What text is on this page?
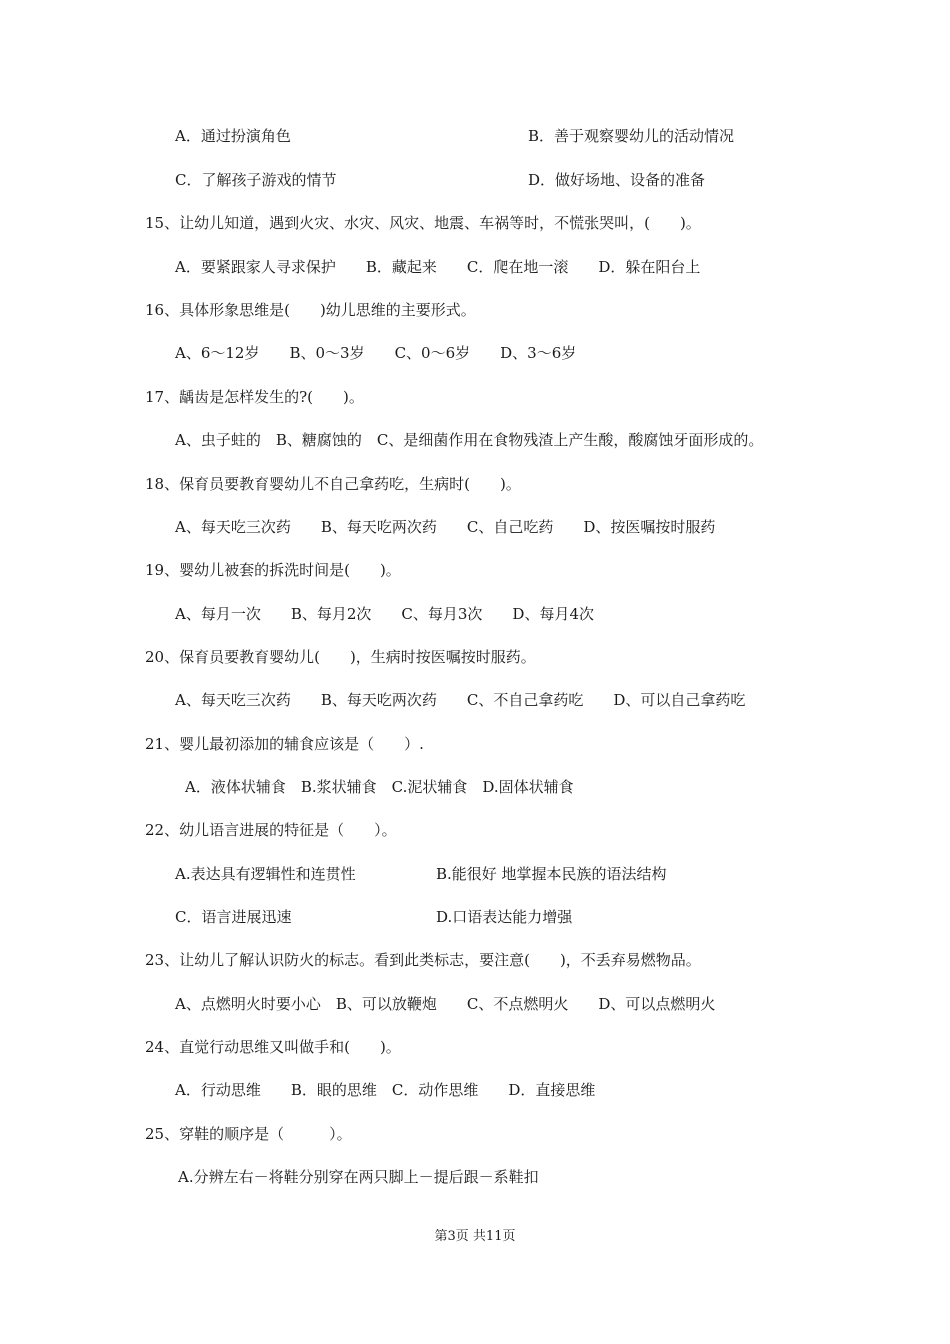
A．通过扮演角色	B．善于观察婴幼儿的活动情况
C．了解孩子游戏的情节	D．做好场地、设备的准备
15、让幼儿知道，遇到火灾、水灾、风灾、地震、车祸等时，不慌张哭叫，(　　)。
A．要紧跟家人寻求保护　　B．藏起来　　C．爬在地一滚　　D．躲在阳台上
16、具体形象思维是(　　)幼儿思维的主要形式。
A、6～12岁　　B、0～3岁　　C、0～6岁　　D、3～6岁
17、龋齿是怎样发生的?(　　)。
A、虫子蛀的　B、糖腐蚀的　C、是细菌作用在食物残渣上产生酸，酸腐蚀牙面形成的。
18、保育员要教育婴幼儿不自己拿药吃，生病时(　　)。
A、每天吃三次药　　B、每天吃两次药　　C、自己吃药　　D、按医嘱按时服药
19、婴幼儿被套的拆洗时间是(　　)。
A、每月一次　　B、每月2次　　C、每月3次　　D、每月4次
20、保育员要教育婴幼儿(　　)，生病时按医嘱按时服药。
A、每天吃三次药　　B、每天吃两次药　　C、不自己拿药吃　　D、可以自己拿药吃
21、婴儿最初添加的辅食应该是（　　）.
A．液体状辅食　B.浆状辅食　C.泥状辅食　D.固体状辅食
22、幼儿语言进展的特征是（　　）。
A.表达具有逻辑性和连贯性	B.能很好 地掌握本民族的语法结构
C．语言进展迅速	D.口语表达能力增强
23、让幼儿了解认识防火的标志。看到此类标志，要注意(　　)，不丢弃易燃物品。
A、点燃明火时要小心　B、可以放鞭炮　　C、不点燃明火　　D、可以点燃明火
24、直觉行动思维又叫做手和(　　)。
A．行动思维　　B．眼的思维　C．动作思维　　D．直接思维
25、穿鞋的顺序是（　　　）。
A.分辨左右－将鞋分别穿在两只脚上－提后跟－系鞋扣
第3页 共11页
